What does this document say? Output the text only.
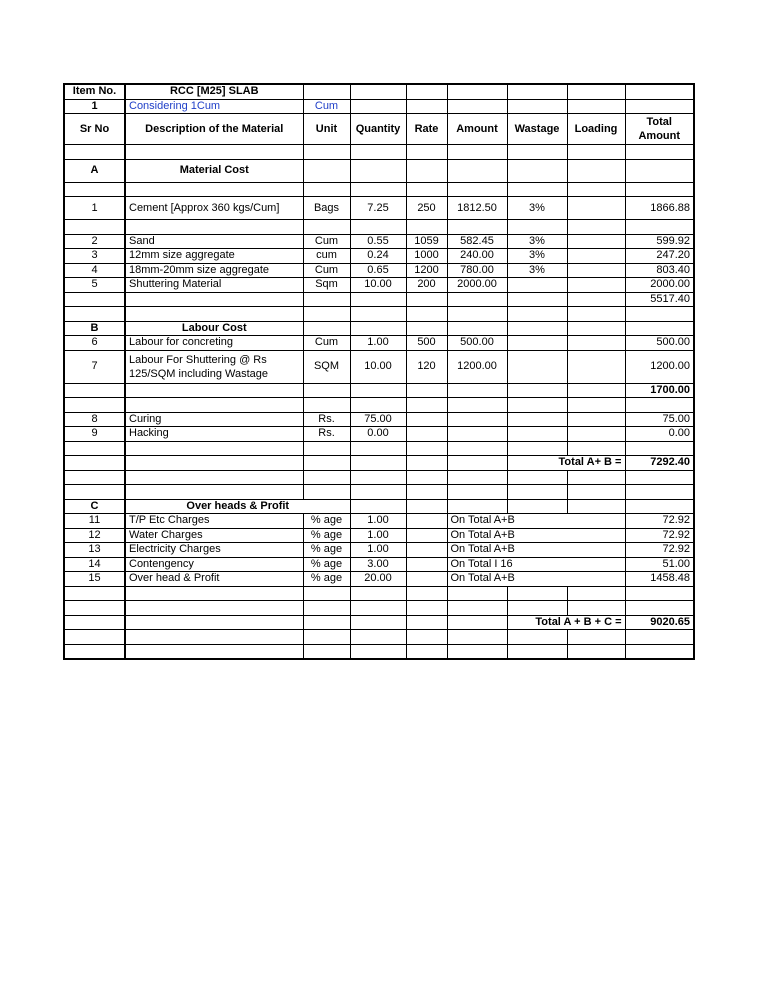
Item No.	RCC [M25] SLAB							
1	Considering 1Cum	Cum						
Sr No	Description of the Material	Unit	Quantity	Rate	Amount	Wastage	Loading	Total
Amount

A	Material Cost							

1	Cement [Approx 360 kgs/Cum]	Bags	7.25	250	1812.50	3%		1866.88

2	Sand	Cum	0.55	1059	582.45	3%		599.92
3	12mm size aggregate	cum	0.24	1000	240.00	3%		247.20
4	18mm-20mm size aggregate	Cum	0.65	1200	780.00	3%		803.40
5	Shuttering Material	Sqm	10.00	200	2000.00			2000.00
								5517.40

B	Labour Cost							
6	Labour for concreting	Cum	1.00	500	500.00			500.00
7	Labour For Shuttering @ Rs 125/SQM including Wastage	SQM	10.00	120	1200.00			1200.00
								1700.00

8	Curing	Rs.	75.00					75.00
9	Hacking	Rs.	0.00					0.00

						Total A+ B =		7292.40

C	Over heads & Profit							
11	T/P Etc Charges	% age	1.00		On Total A+B			72.92
12	Water Charges	% age	1.00		On Total A+B			72.92
13	Electricity Charges	% age	1.00		On Total A+B			72.92
14	Contengency	% age	3.00		On Total I 16			51.00
15	Over head & Profit	% age	20.00		On Total A+B			1458.48

						Total A + B + C =		9020.65
